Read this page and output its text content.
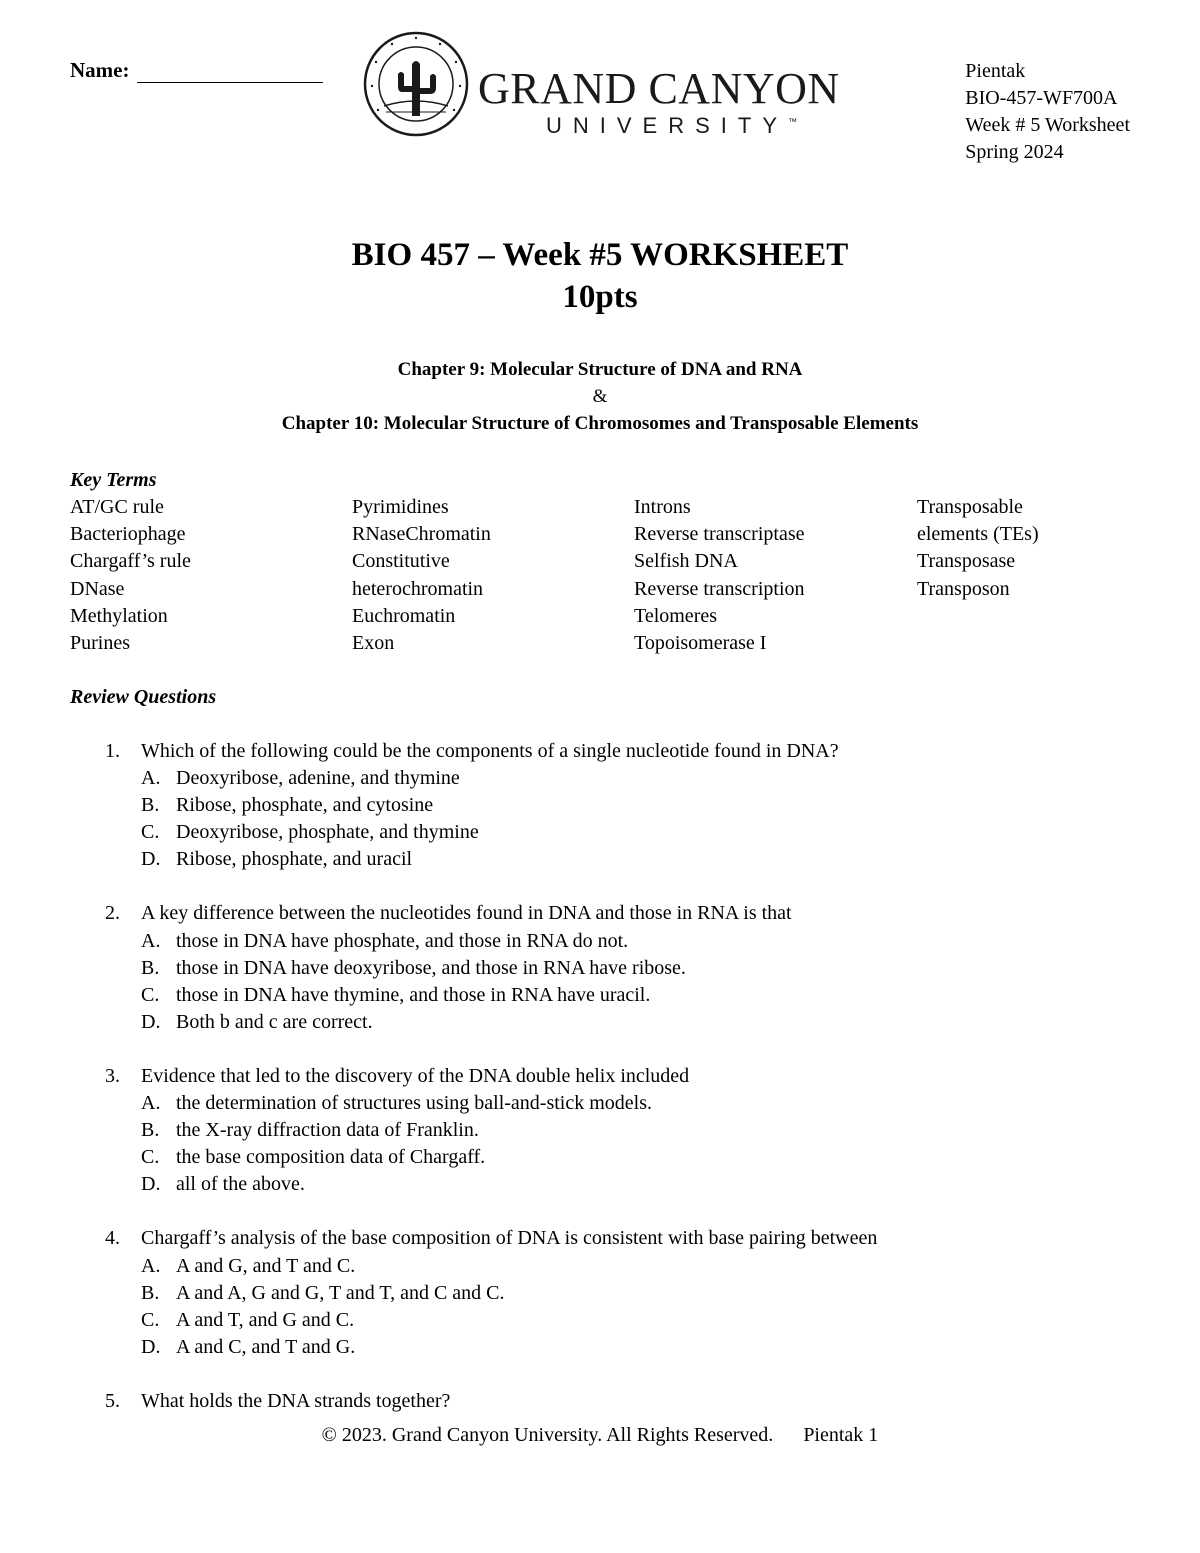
Name:	GRAND CANYON
UNIVERSITY™
Pientak
BIO-457-WF700A
Week # 5 Worksheet
Spring 2024
BIO 457 – Week #5 WORKSHEET
10pts
Chapter 9: Molecular Structure of DNA and RNA
&
Chapter 10: Molecular Structure of Chromosomes and Transposable Elements
Key Terms
AT/GC rule
Bacteriophage
Chargaff’s rule
DNase
Methylation
Purines
Pyrimidines
RNaseChromatin
Constitutive
heterochromatin
Euchromatin
Exon
Introns
Reverse transcriptase
Selfish DNA
Reverse transcription
Telomeres
Topoisomerase I
Transposable
elements (TEs)
Transposase
Transposon
Review Questions
1. Which of the following could be the components of a single nucleotide found in DNA?
A. Deoxyribose, adenine, and thymine
B. Ribose, phosphate, and cytosine
C. Deoxyribose, phosphate, and thymine
D. Ribose, phosphate, and uracil
2. A key difference between the nucleotides found in DNA and those in RNA is that
A. those in DNA have phosphate, and those in RNA do not.
B. those in DNA have deoxyribose, and those in RNA have ribose.
C. those in DNA have thymine, and those in RNA have uracil.
D. Both b and c are correct.
3. Evidence that led to the discovery of the DNA double helix included
A. the determination of structures using ball-and-stick models.
B. the X-ray diffraction data of Franklin.
C. the base composition data of Chargaff.
D. all of the above.
4. Chargaff’s analysis of the base composition of DNA is consistent with base pairing between
A. A and G, and T and C.
B. A and A, G and G, T and T, and C and C.
C. A and T, and G and C.
D. A and C, and T and G.
5. What holds the DNA strands together?
© 2023. Grand Canyon University. All Rights Reserved. Pientak 1
